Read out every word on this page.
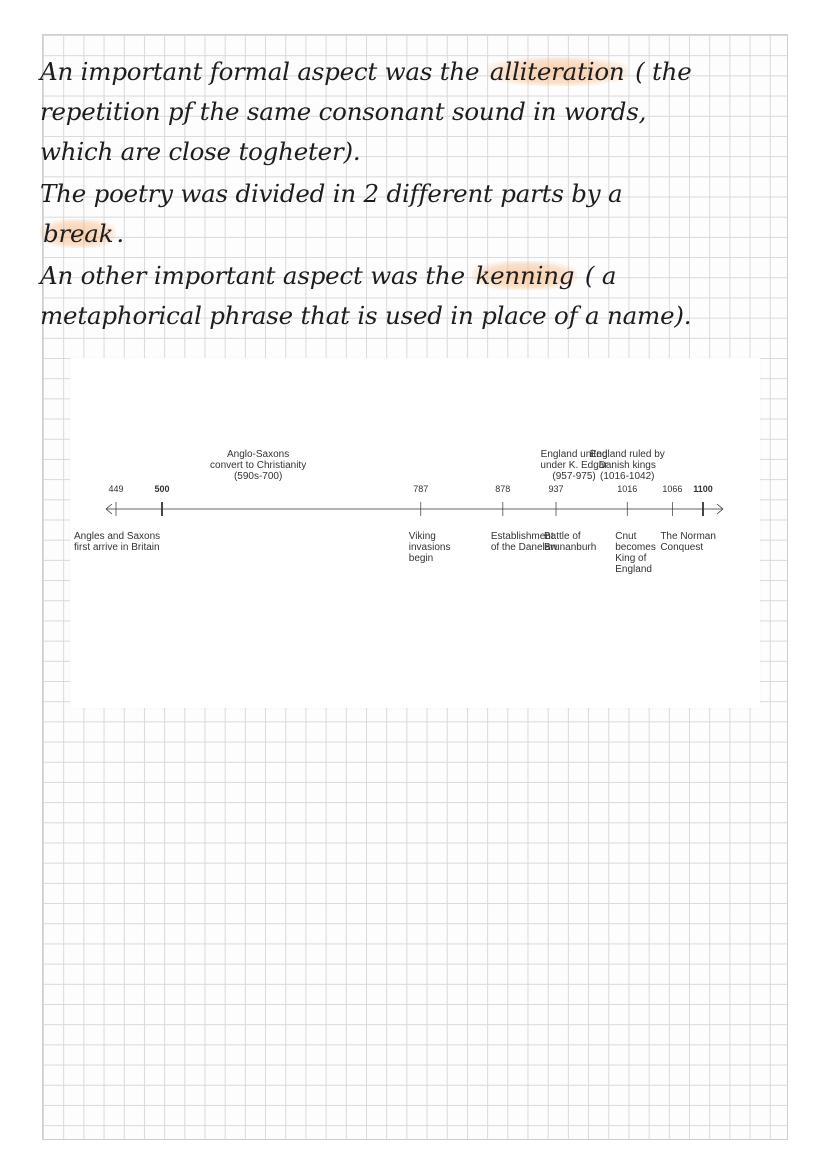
An important formal aspect was the alliteration ( the
repetition pf the same consonant sound in words,
which are close togheter).
The poetry was divided in 2 different parts by a
break .
An other important aspect was the kenning ( a
metaphorical phrase that is used in place of a name).
449	500	787	878	937	1016	1066 1100
Anglo-Saxons
convert to Christianity
(590s-700)
England united
under K. Edgar
(957-975)
England ruled by
Danish kings
(1016-1042)
Angles and Saxons
first arrive in Britain
Viking
invasions
begin
Establishment
of the Danelaw
Battle of
Brunanburh
Cnut
becomes
King of
England
The Norman
Conquest
